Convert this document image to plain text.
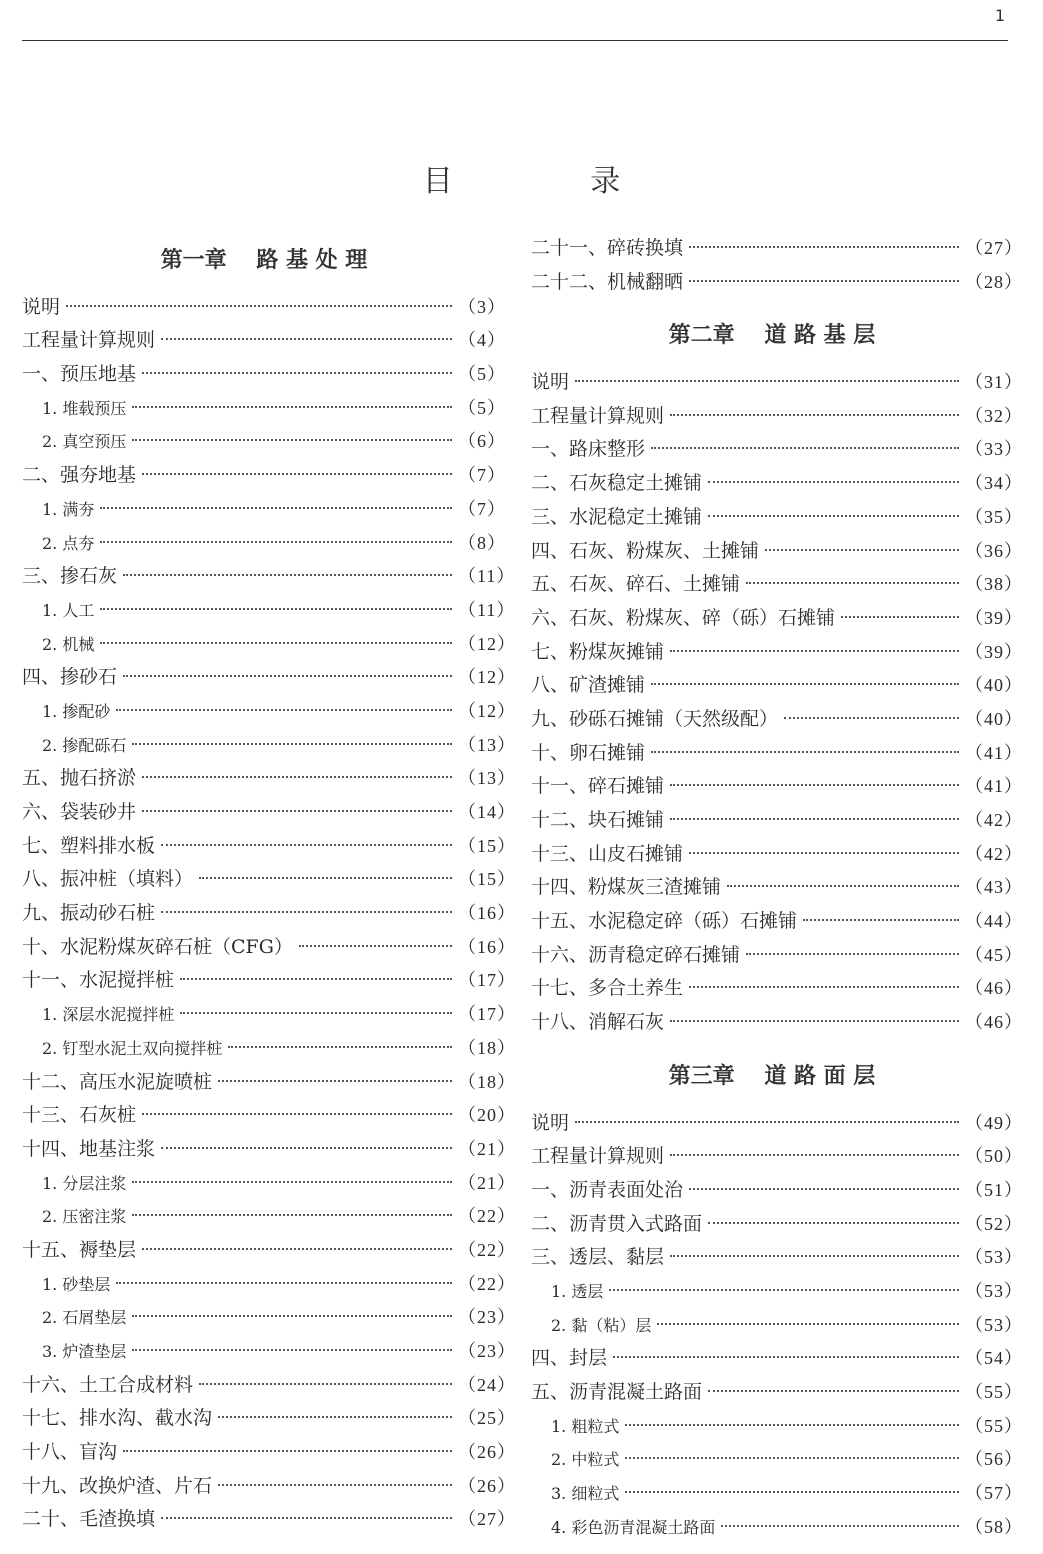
1
目 录
第一章　 路 基 处 理
说明	（3）
工程量计算规则	（4）
一、预压地基	（5）
1. 堆载预压	（5）
2. 真空预压	（6）
二、强夯地基	（7）
1. 满夯	（7）
2. 点夯	（8）
三、掺石灰	（11）
1. 人工	（11）
2. 机械	（12）
四、掺砂石	（12）
1. 掺配砂	（12）
2. 掺配砾石	（13）
五、抛石挤淤	（13）
六、袋装砂井	（14）
七、塑料排水板	（15）
八、振冲桩（填料）	（15）
九、振动砂石桩	（16）
十、水泥粉煤灰碎石桩（CFG）	（16）
十一、水泥搅拌桩	（17）
1. 深层水泥搅拌桩	（17）
2. 钉型水泥土双向搅拌桩	（18）
十二、高压水泥旋喷桩	（18）
十三、石灰桩	（20）
十四、地基注浆	（21）
1. 分层注浆	（21）
2. 压密注浆	（22）
十五、褥垫层	（22）
1. 砂垫层	（22）
2. 石屑垫层	（23）
3. 炉渣垫层	（23）
十六、土工合成材料	（24）
十七、排水沟、截水沟	（25）
十八、盲沟	（26）
十九、改换炉渣、片石	（26）
二十、毛渣换填	（27）
二十一、碎砖换填	（27）
二十二、机械翻晒	（28）
第二章　 道 路 基 层
说明	（31）
工程量计算规则	（32）
一、路床整形	（33）
二、石灰稳定土摊铺	（34）
三、水泥稳定土摊铺	（35）
四、石灰、粉煤灰、土摊铺	（36）
五、石灰、碎石、土摊铺	（38）
六、石灰、粉煤灰、碎（砾）石摊铺	（39）
七、粉煤灰摊铺	（39）
八、矿渣摊铺	（40）
九、砂砾石摊铺（天然级配）	（40）
十、卵石摊铺	（41）
十一、碎石摊铺	（41）
十二、块石摊铺	（42）
十三、山皮石摊铺	（42）
十四、粉煤灰三渣摊铺	（43）
十五、水泥稳定碎（砾）石摊铺	（44）
十六、沥青稳定碎石摊铺	（45）
十七、多合土养生	（46）
十八、消解石灰	（46）
第三章　 道 路 面 层
说明	（49）
工程量计算规则	（50）
一、沥青表面处治	（51）
二、沥青贯入式路面	（52）
三、透层、黏层	（53）
1. 透层	（53）
2. 黏（粘）层	（53）
四、封层	（54）
五、沥青混凝土路面	（55）
1. 粗粒式	（55）
2. 中粒式	（56）
3. 细粒式	（57）
4. 彩色沥青混凝土路面	（58）
